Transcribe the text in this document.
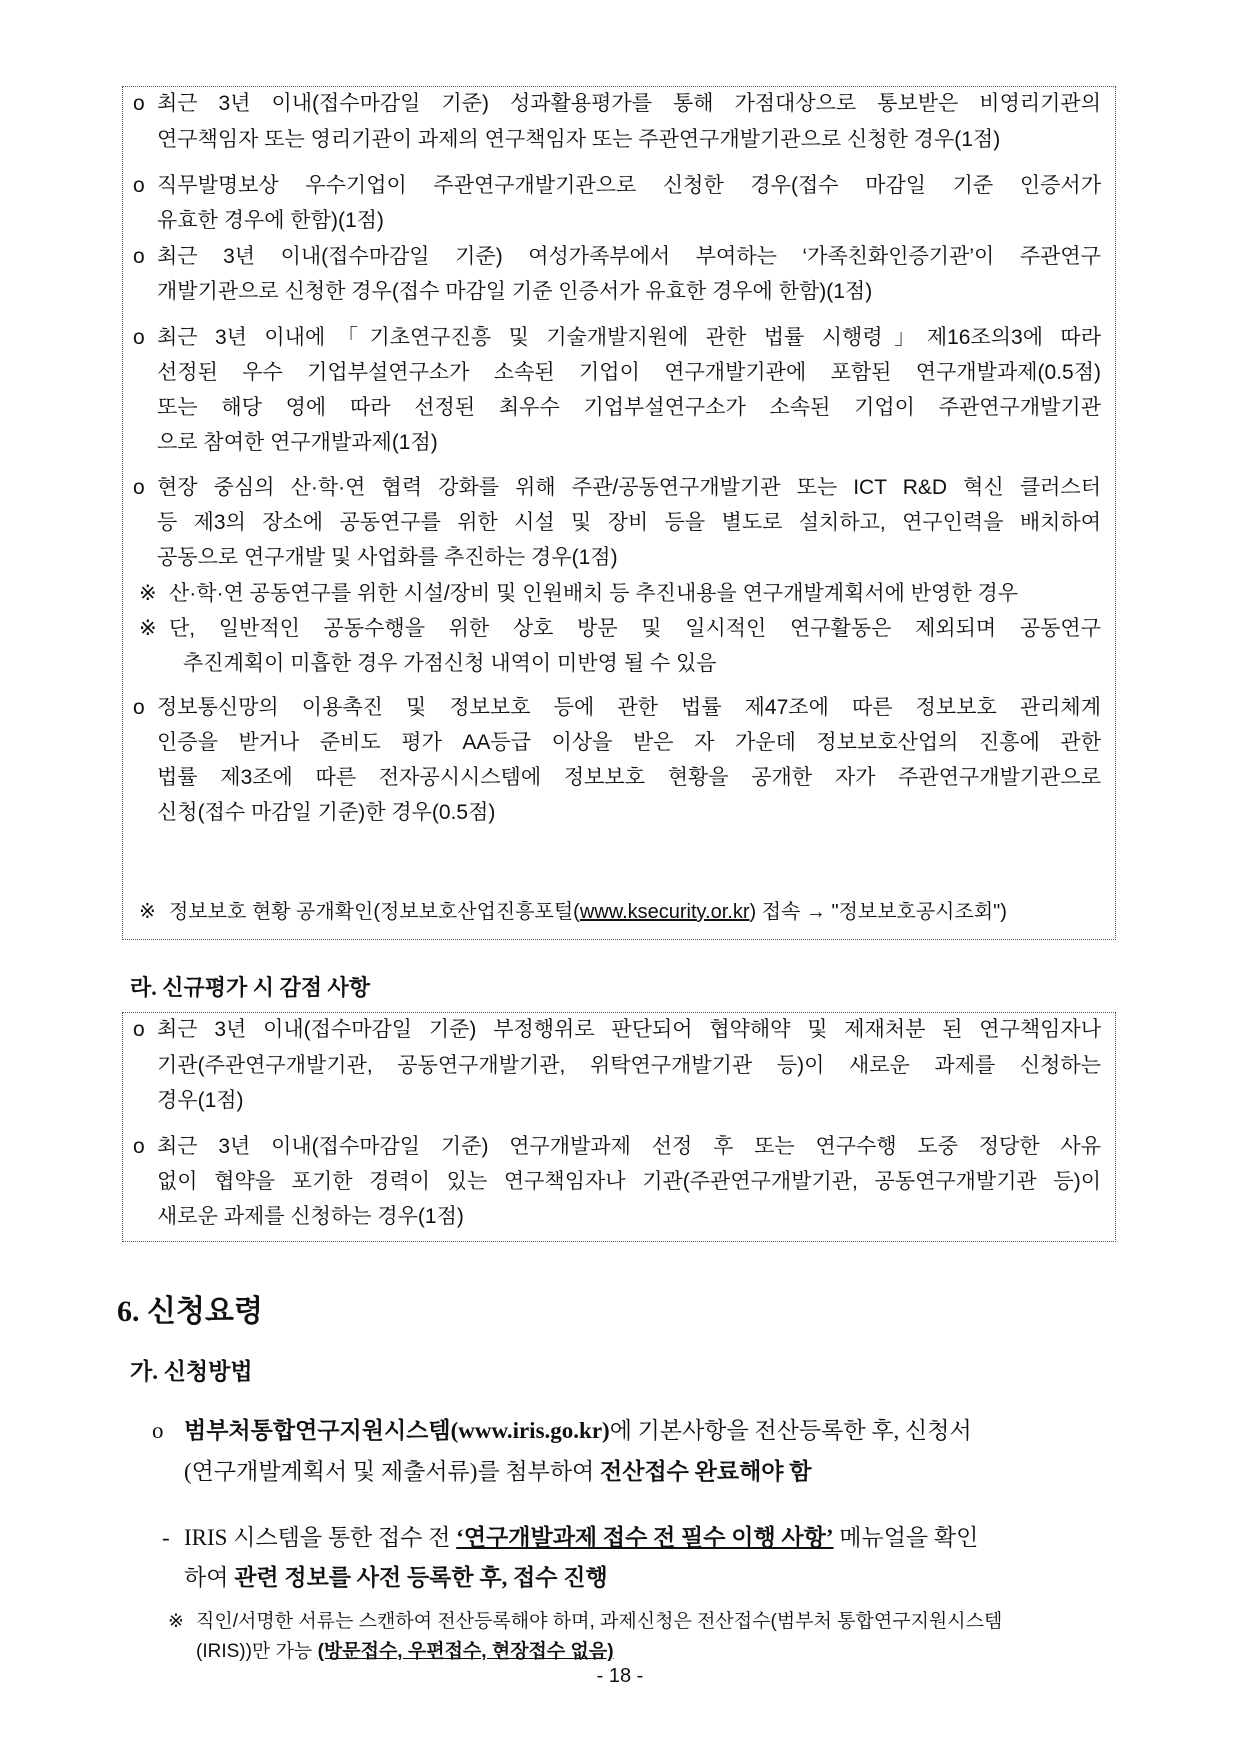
o 최근 3년 이내(접수마감일 기준) 성과활용평가를 통해 가점대상으로 통보받은 비영리기관의
연구책임자 또는 영리기관이 과제의 연구책임자 또는 주관연구개발기관으로 신청한 경우(1점)
o 직무발명보상 우수기업이 주관연구개발기관으로 신청한 경우(접수 마감일 기준 인증서가
유효한 경우에 한함)(1점)
o 최근 3년 이내(접수마감일 기준) 여성가족부에서 부여하는 ‘가족친화인증기관’이 주관연구
개발기관으로 신청한 경우(접수 마감일 기준 인증서가 유효한 경우에 한함)(1점)
o 최근 3년 이내에「기초연구진흥 및 기술개발지원에 관한 법률 시행령」제16조의3에 따라
선정된 우수 기업부설연구소가 소속된 기업이 연구개발기관에 포함된 연구개발과제(0.5점)
또는 해당 영에 따라 선정된 최우수 기업부설연구소가 소속된 기업이 주관연구개발기관
으로 참여한 연구개발과제(1점)
o 현장 중심의 산·학·연 협력 강화를 위해 주관/공동연구개발기관 또는 ICT R&D 혁신 클러스터
등 제3의 장소에 공동연구를 위한 시설 및 장비 등을 별도로 설치하고, 연구인력을 배치하여
공동으로 연구개발 및 사업화를 추진하는 경우(1점)
※ 산·학·연 공동연구를 위한 시설/장비 및 인원배치 등 추진내용을 연구개발계획서에 반영한 경우
※ 단, 일반적인 공동수행을 위한 상호 방문 및 일시적인 연구활동은 제외되며 공동연구
추진계획이 미흡한 경우 가점신청 내역이 미반영 될 수 있음
o 정보통신망의 이용촉진 및 정보보호 등에 관한 법률 제47조에 따른 정보보호 관리체계
인증을 받거나 준비도 평가 AA등급 이상을 받은 자 가운데 정보보호산업의 진흥에 관한
법률 제3조에 따른 전자공시시스템에 정보보호 현황을 공개한 자가 주관연구개발기관으로
신청(접수 마감일 기준)한 경우(0.5점)
※ 정보보호 현황 공개확인(정보보호산업진흥포털(www.ksecurity.or.kr) 접속 → "정보보호공시조회")
라. 신규평가 시 감점 사항
o 최근 3년 이내(접수마감일 기준) 부정행위로 판단되어 협약해약 및 제재처분 된 연구책임자나
기관(주관연구개발기관, 공동연구개발기관, 위탁연구개발기관 등)이 새로운 과제를 신청하는
경우(1점)
o 최근 3년 이내(접수마감일 기준) 연구개발과제 선정 후 또는 연구수행 도중 정당한 사유
없이 협약을 포기한 경력이 있는 연구책임자나 기관(주관연구개발기관, 공동연구개발기관 등)이
새로운 과제를 신청하는 경우(1점)
6. 신청요령
가. 신청방법
o 범부처통합연구지원시스템(www.iris.go.kr)에 기본사항을 전산등록한 후, 신청서
(연구개발계획서 및 제출서류)를 첨부하여 전산접수 완료해야 함
- IRIS 시스템을 통한 접수 전 ‘연구개발과제 접수 전 필수 이행 사항’ 메뉴얼을 확인
하여 관련 정보를 사전 등록한 후, 접수 진행
※ 직인/서명한 서류는 스캔하여 전산등록해야 하며, 과제신청은 전산접수(범부처 통합연구지원시스템
(IRIS))만 가능 (방문접수, 우편접수, 현장접수 없음)
- 18 -
